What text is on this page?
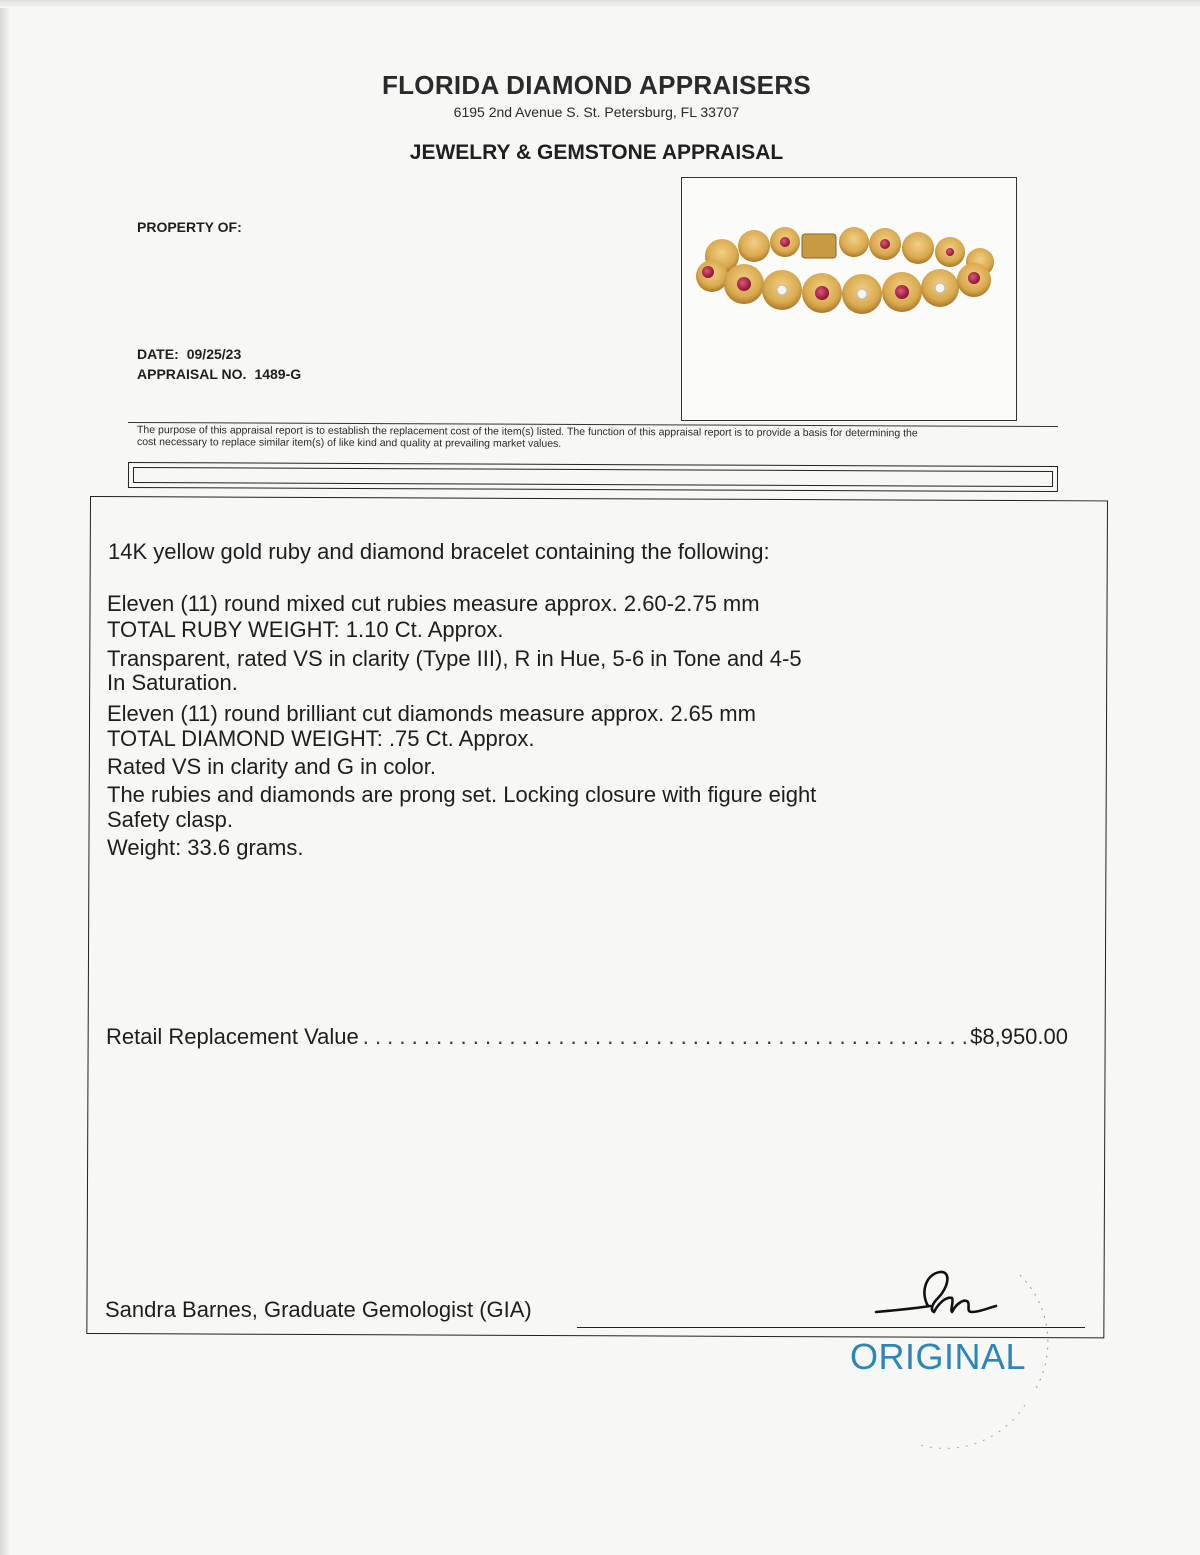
FLORIDA DIAMOND APPRAISERS
6195 2nd Avenue S. St. Petersburg, FL 33707
JEWELRY & GEMSTONE APPRAISAL
PROPERTY OF:
DATE: 09/25/23
APPRAISAL NO. 1489-G
The purpose of this appraisal report is to establish the replacement cost of the item(s) listed. The function of this appraisal report is to provide a basis for determining the
cost necessary to replace similar item(s) of like kind and quality at prevailing market values.
14K yellow gold ruby and diamond bracelet containing the following:
Eleven (11) round mixed cut rubies measure approx. 2.60-2.75 mm
TOTAL RUBY WEIGHT: 1.10 Ct. Approx.
Transparent, rated VS in clarity (Type III), R in Hue, 5-6 in Tone and 4-5
In Saturation.
Eleven (11) round brilliant cut diamonds measure approx. 2.65 mm
TOTAL DIAMOND WEIGHT: .75 Ct. Approx.
Rated VS in clarity and G in color.
The rubies and diamonds are prong set. Locking closure with figure eight
Safety clasp.
Weight: 33.6 grams.
Retail Replacement Value
. . .	$8,950.00
Sandra Barnes, Graduate Gemologist (GIA)
ORIGINAL
